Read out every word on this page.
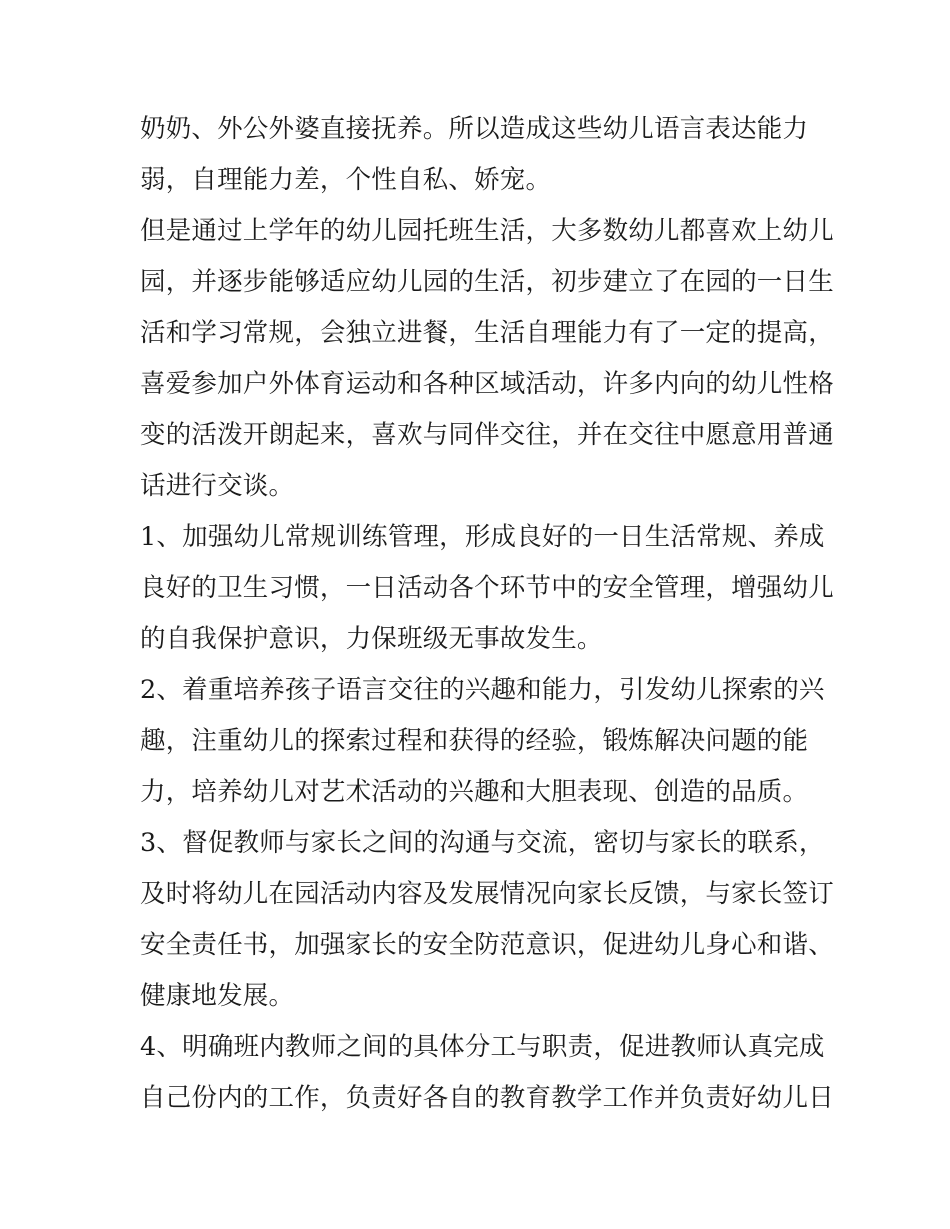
奶奶、外公外婆直接抚养。所以造成这些幼儿语言表达能力
弱，自理能力差，个性自私、娇宠。
但是通过上学年的幼儿园托班生活，大多数幼儿都喜欢上幼儿
园，并逐步能够适应幼儿园的生活，初步建立了在园的一日生
活和学习常规，会独立进餐，生活自理能力有了一定的提高，
喜爱参加户外体育运动和各种区域活动，许多内向的幼儿性格
变的活泼开朗起来，喜欢与同伴交往，并在交往中愿意用普通
话进行交谈。
1、加强幼儿常规训练管理，形成良好的一日生活常规、养成
良好的卫生习惯，一日活动各个环节中的安全管理，增强幼儿
的自我保护意识，力保班级无事故发生。
2、着重培养孩子语言交往的兴趣和能力，引发幼儿探索的兴
趣，注重幼儿的探索过程和获得的经验，锻炼解决问题的能
力，培养幼儿对艺术活动的兴趣和大胆表现、创造的品质。
3、督促教师与家长之间的沟通与交流，密切与家长的联系，
及时将幼儿在园活动内容及发展情况向家长反馈，与家长签订
安全责任书，加强家长的安全防范意识，促进幼儿身心和谐、
健康地发展。
4、明确班内教师之间的具体分工与职责，促进教师认真完成
自己份内的工作，负责好各自的教育教学工作并负责好幼儿日
